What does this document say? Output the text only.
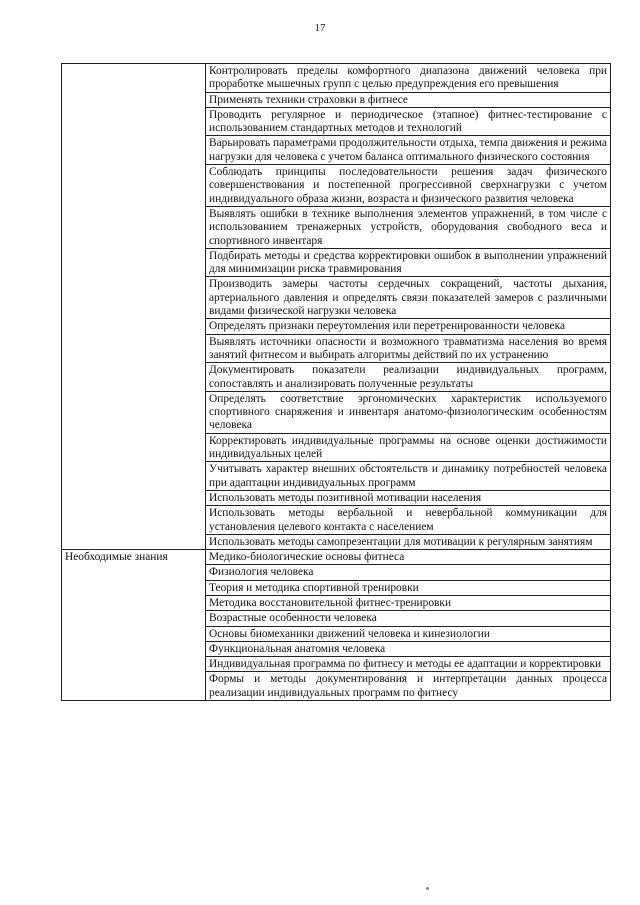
17
	Контролировать пределы комфортного диапазона движений человека при проработке мышечных групп с целью предупреждения его превышения
	Применять техники страховки в фитнесе
	Проводить регулярное и периодическое (этапное) фитнес-тестирование с использованием стандартных методов и технологий
	Варьировать параметрами продолжительности отдыха, темпа движения и режима нагрузки для человека с учетом баланса оптимального физического состояния
	Соблюдать принципы последовательности решения задач физического совершенствования и постепенной прогрессивной сверхнагрузки с учетом индивидуального образа жизни, возраста и физического развития человека
	Выявлять ошибки в технике выполнения элементов упражнений, в том числе с использованием тренажерных устройств, оборудования свободного веса и спортивного инвентаря
	Подбирать методы и средства корректировки ошибок в выполнении упражнений для минимизации риска травмирования
	Производить замеры частоты сердечных сокращений, частоты дыхания, артериального давления и определять связи показателей замеров с различными видами физической нагрузки человека
	Определять признаки переутомления или перетренированности человека
	Выявлять источники опасности и возможного травматизма населения во время занятий фитнесом и выбирать алгоритмы действий по их устранению
	Документировать показатели реализации индивидуальных программ, сопоставлять и анализировать полученные результаты
	Определять соответствие эргономических характеристик используемого спортивного снаряжения и инвентаря анатомо-физиологическим особенностям человека
	Корректировать индивидуальные программы на основе оценки достижимости индивидуальных целей
	Учитывать характер внешних обстоятельств и динамику потребностей человека при адаптации индивидуальных программ
	Использовать методы позитивной мотивации населения
	Использовать методы вербальной и невербальной коммуникации для установления целевого контакта с населением
	Использовать методы самопрезентации для мотивации к регулярным занятиям
Необходимые знания	Медико-биологические основы фитнеса
	Физиология человека
	Теория и методика спортивной тренировки
	Методика восстановительной фитнес-тренировки
	Возрастные особенности человека
	Основы биомеханики движений человека и кинезиологии
	Функциональная анатомия человека
	Индивидуальная программа по фитнесу и методы ее адаптации и корректировки
	Формы и методы документирования и интерпретации данных процесса реализации индивидуальных программ по фитнесу
